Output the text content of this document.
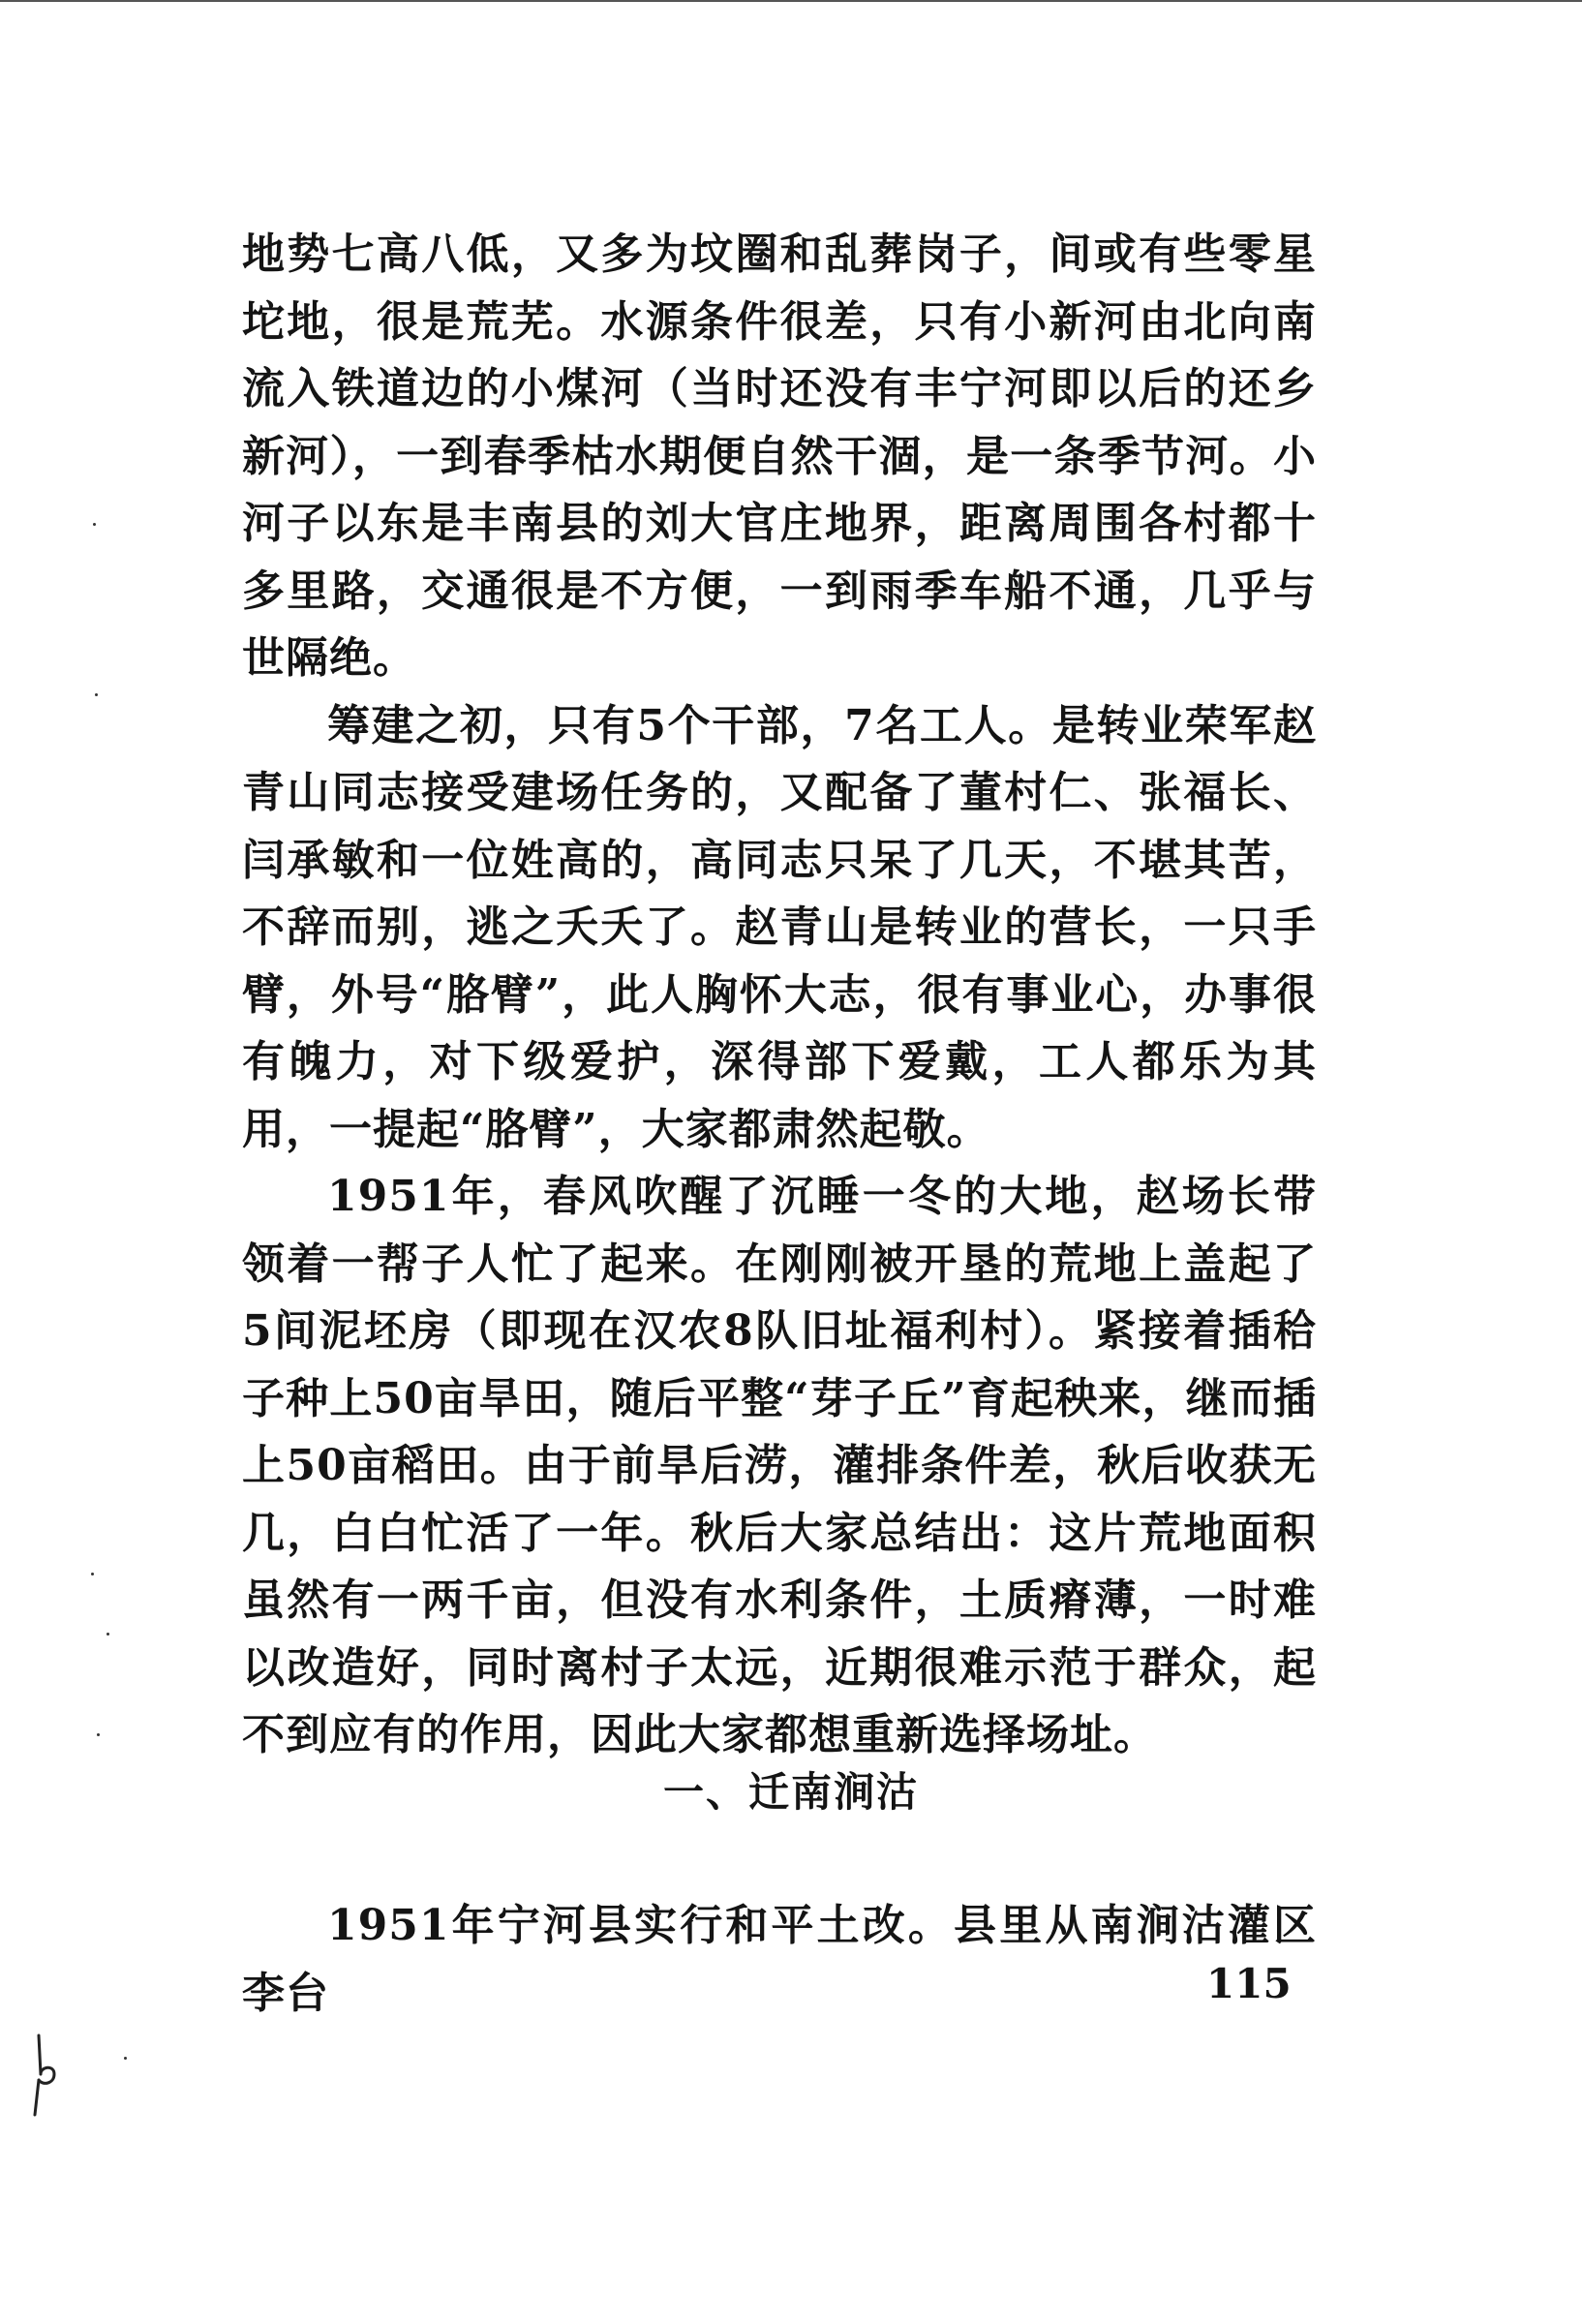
地势七高八低，又多为坟圈和乱葬岗子，间或有些零星坨地，很是荒芜。水源条件很差，只有小新河由北向南流入铁道边的小煤河（当时还没有丰宁河即以后的还乡新河），一到春季枯水期便自然干涸，是一条季节河。小河子以东是丰南县的刘大官庄地界，距离周围各村都十多里路，交通很是不方便，一到雨季车船不通，几乎与世隔绝。

筹建之初，只有5个干部，7名工人。是转业荣军赵青山同志接受建场任务的，又配备了董村仁、张福长、闫承敏和一位姓高的，高同志只呆了几天，不堪其苦，不辞而别，逃之夭夭了。赵青山是转业的营长，一只手臂，外号“胳臂”，此人胸怀大志，很有事业心，办事很有魄力，对下级爱护，深得部下爱戴，工人都乐为其用，一提起“胳臂”，大家都肃然起敬。

1951年，春风吹醒了沉睡一冬的大地，赵场长带领着一帮子人忙了起来。在刚刚被开垦的荒地上盖起了5间泥坯房（即现在汉农8队旧址福利村）。紧接着插秴子种上50亩旱田，随后平整“芽子丘”育起秧来，继而插上50亩稻田。由于前旱后涝，灌排条件差，秋后收获无几，白白忙活了一年。秋后大家总结出：这片荒地面积虽然有一两千亩，但没有水利条件，土质瘠薄，一时难以改造好，同时离村子太远，近期很难示范于群众，起不到应有的作用，因此大家都想重新选择场址。

一、迁南涧沽

1951年宁河县实行和平土改。县里从南涧沽灌区李台	115
